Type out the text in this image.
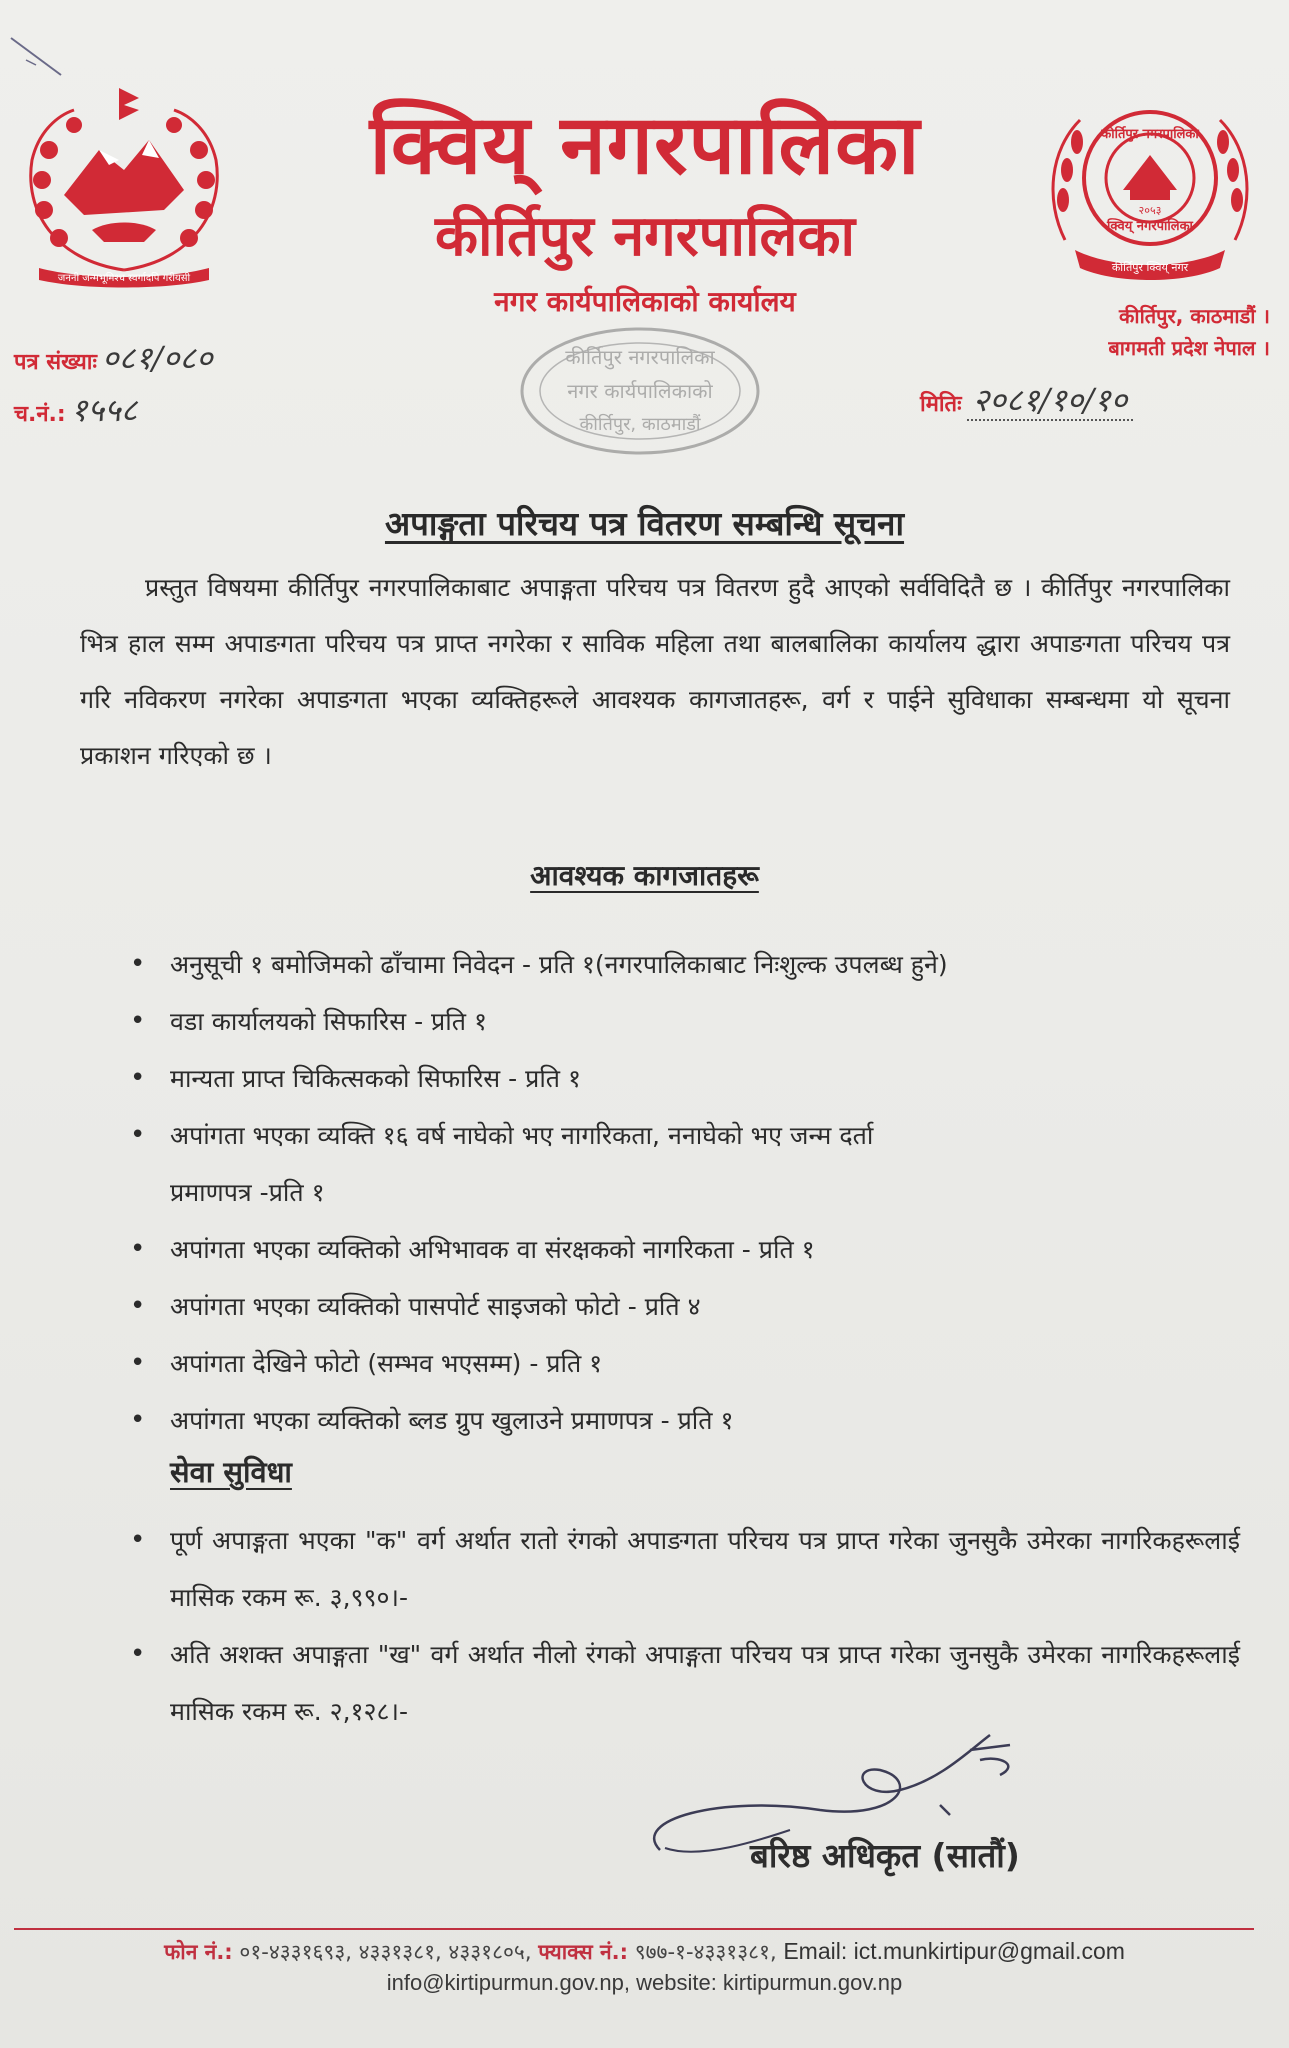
जननी जन्मभूमिश्च स्वर्गादपि गरीयसी
कीर्तिपुर नगरपालिका
क्विय् नगरपालिका
२०५३
कीर्तिपुर क्विय् नगर
क्विय् नगरपालिका
कीर्तिपुर नगरपालिका
नगर कार्यपालिकाको कार्यालय	कीर्तिपुर, काठमाडौं ।
बागमती प्रदेश नेपाल ।
पत्र संख्याः ०८१/०८०
च.नं.: १५५८	मितिः २०८१/१०/१०
कीर्तिपुर नगरपालिका
नगर कार्यपालिकाको
कीर्तिपुर, काठमाडौं
अपाङ्गता परिचय पत्र वितरण सम्बन्धि सूचना
प्रस्तुत विषयमा कीर्तिपुर नगरपालिकाबाट अपाङ्गता परिचय पत्र वितरण हुदै आएको सर्वविदितै छ । कीर्तिपुर नगरपालिका भित्र हाल सम्म अपाङगता परिचय पत्र प्राप्त नगरेका र साविक महिला तथा बालबालिका कार्यालय द्धारा अपाङगता परिचय पत्र गरि नविकरण नगरेका अपाङगता भएका व्यक्तिहरूले आवश्यक कागजातहरू, वर्ग र पाईने सुविधाका सम्बन्धमा यो सूचना प्रकाशन गरिएको छ ।
आवश्यक कागजातहरू
• अनुसूची १ बमोजिमको ढाँचामा निवेदन - प्रति १(नगरपालिकाबाट निःशुल्क उपलब्ध हुने)
• वडा कार्यालयको सिफारिस - प्रति १
• मान्यता प्राप्त चिकित्सकको सिफारिस - प्रति १
• अपांगता भएका व्यक्ति १६ वर्ष नाघेको भए नागरिकता, ननाघेको भए जन्म दर्ता प्रमाणपत्र -प्रति १
• अपांगता भएका व्यक्तिको अभिभावक वा संरक्षकको नागरिकता - प्रति १
• अपांगता भएका व्यक्तिको पासपोर्ट साइजको फोटो - प्रति ४
• अपांगता देखिने फोटो (सम्भव भएसम्म) - प्रति १
• अपांगता भएका व्यक्तिको ब्लड ग्रुप खुलाउने प्रमाणपत्र - प्रति १
सेवा सुविधा
• पूर्ण अपाङ्गता भएका "क" वर्ग अर्थात रातो रंगको अपाङगता परिचय पत्र प्राप्त गरेका जुनसुकै उमेरका नागरिकहरूलाई मासिक रकम रू. ३,९९०।-
• अति अशक्त अपाङ्गता "ख" वर्ग अर्थात नीलो रंगको अपाङ्गता परिचय पत्र प्राप्त गरेका जुनसुकै उमेरका नागरिकहरूलाई मासिक रकम रू. २,१२८।-
बरिष्ठ अधिकृत (सातौं)
फोन नं.: ०१-४३३१६९३, ४३३१३८१, ४३३१८०५, फ्याक्स नं.: ९७७-१-४३३१३८१, Email: ict.munkirtipur@gmail.com
info@kirtipurmun.gov.np, website: kirtipurmun.gov.np
